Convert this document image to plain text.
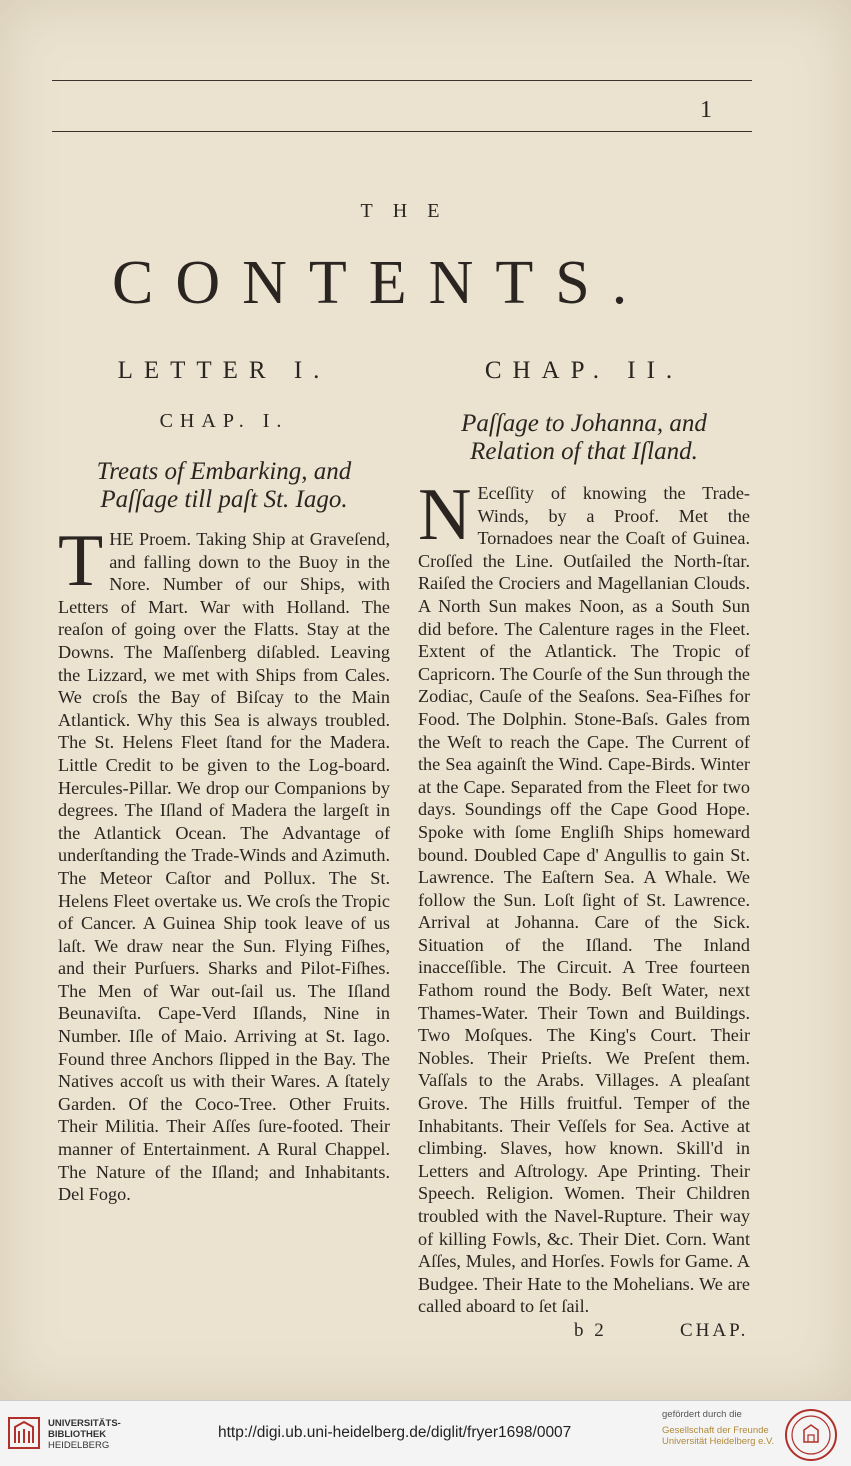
1
THE
CONTENTS.
LETTER I.
CHAP. I.
Treats of Embarking, and Paſſage till paſt St. Iago.
T HE Proem. Taking Ship at Graveſend, and falling down to the Buoy in the Nore. Number of our Ships, with Letters of Mart. War with Holland. The reaſon of going over the Flatts. Stay at the Downs. The Maſſenberg diſabled. Leaving the Lizzard, we met with Ships from Cales. We croſs the Bay of Biſcay to the Main Atlantick. Why this Sea is always troubled. The St. Helens Fleet ſtand for the Madera. Little Credit to be given to the Log-board. Hercules-Pillar. We drop our Companions by degrees. The Iſland of Madera the largeſt in the Atlantick Ocean. The Advantage of underſtanding the Trade-Winds and Azimuth. The Meteor Caſtor and Pollux. The St. Helens Fleet overtake us. We croſs the Tropic of Cancer. A Guinea Ship took leave of us laſt. We draw near the Sun. Flying Fiſhes, and their Purſuers. Sharks and Pilot-Fiſhes. The Men of War out-ſail us. The Iſland Beunaviſta. Cape-Verd Iſlands, Nine in Number. Iſle of Maio. Arriving at St. Iago. Found three Anchors ſlipped in the Bay. The Natives accoſt us with their Wares. A ſtately Garden. Of the Coco-Tree. Other Fruits. Their Militia. Their Aſſes ſure-footed. Their manner of Entertainment. A Rural Chappel. The Nature of the Iſland; and Inhabitants. Del Fogo.
CHAP. II.
Paſſage to Johanna, and Relation of that Iſland.
N Eceſſity of knowing the Trade-Winds, by a Proof. Met the Tornadoes near the Coaſt of Guinea. Croſſed the Line. Outſailed the North-ſtar. Raiſed the Crociers and Magellanian Clouds. A North Sun makes Noon, as a South Sun did before. The Calenture rages in the Fleet. Extent of the Atlantick. The Tropic of Capricorn. The Courſe of the Sun through the Zodiac, Cauſe of the Seaſons. Sea-Fiſhes for Food. The Dolphin. Stone-Baſs. Gales from the Weſt to reach the Cape. The Current of the Sea againſt the Wind. Cape-Birds. Winter at the Cape. Separated from the Fleet for two days. Soundings off the Cape Good Hope. Spoke with ſome Engliſh Ships homeward bound. Doubled Cape d' Angullis to gain St. Lawrence. The Eaſtern Sea. A Whale. We follow the Sun. Loſt ſight of St. Lawrence. Arrival at Johanna. Care of the Sick. Situation of the Iſland. The Inland inacceſſible. The Circuit. A Tree fourteen Fathom round the Body. Beſt Water, next Thames-Water. Their Town and Buildings. Two Moſques. The King's Court. Their Nobles. Their Prieſts. We Preſent them. Vaſſals to the Arabs. Villages. A pleaſant Grove. The Hills fruitful. Temper of the Inhabitants. Their Veſſels for Sea. Active at climbing. Slaves, how known. Skill'd in Letters and Aſtrology. Ape Printing. Their Speech. Religion. Women. Their Children troubled with the Navel-Rupture. Their way of killing Fowls, &c. Their Diet. Corn. Want Aſſes, Mules, and Horſes. Fowls for Game. A Budgee. Their Hate to the Mohelians. We are called aboard to ſet ſail.
b 2	CHAP.
UNIVERSITÄTS-
BIBLIOTHEK
HEIDELBERG
http://digi.ub.uni-heidelberg.de/diglit/fryer1698/0007
gefördert durch die
Gesellschaft der Freunde
Universität Heidelberg e.V.
